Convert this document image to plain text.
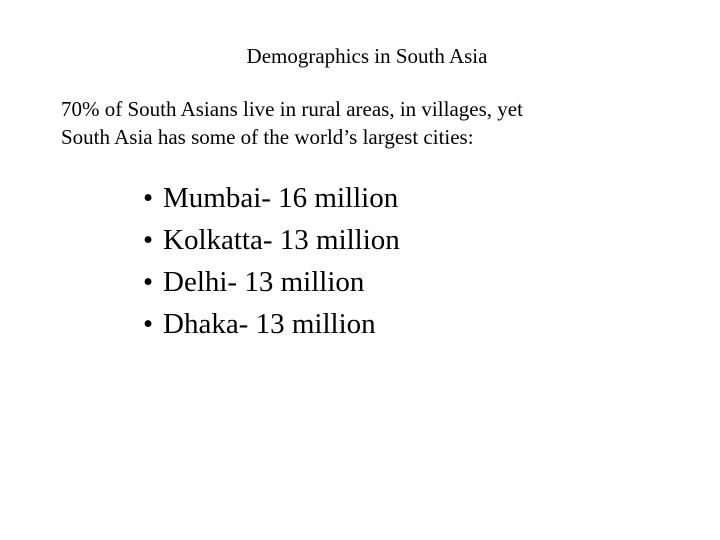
Demographics in South Asia
70% of South Asians live in rural areas, in villages, yet
South Asia has some of the world’s largest cities:
• Mumbai- 16 million
• Kolkatta- 13 million
• Delhi- 13 million
• Dhaka- 13 million
